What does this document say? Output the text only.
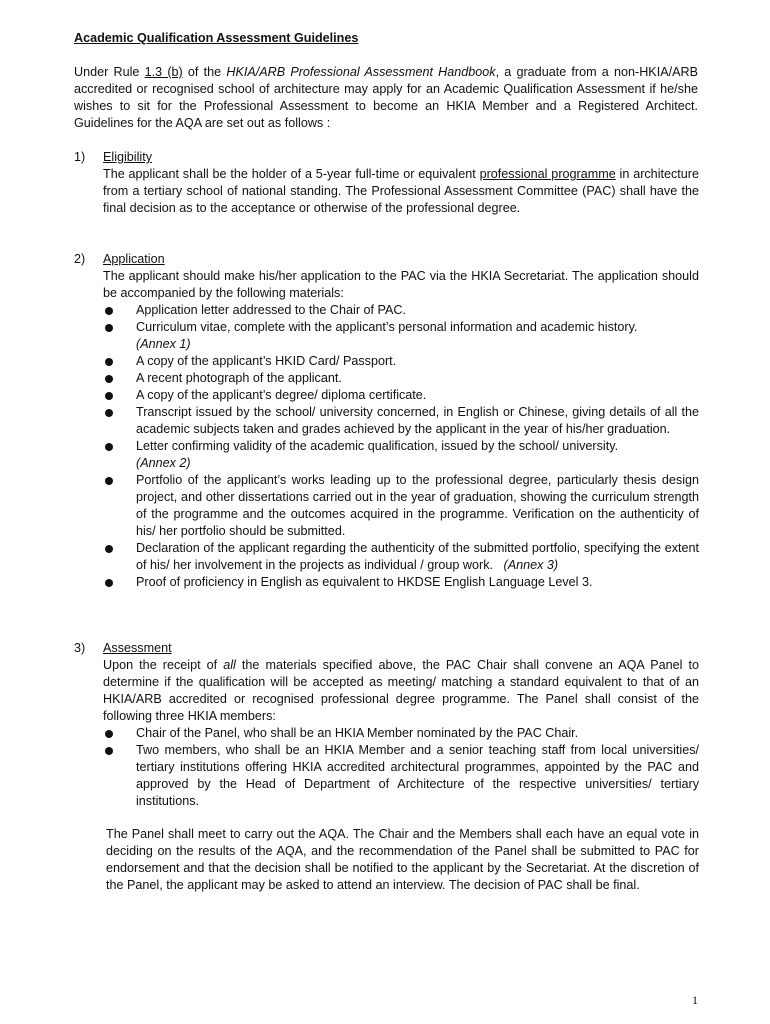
Academic Qualification Assessment Guidelines
Under Rule 1.3 (b) of the HKIA/ARB Professional Assessment Handbook, a graduate from a non-HKIA/ARB accredited or recognised school of architecture may apply for an Academic Qualification Assessment if he/she wishes to sit for the Professional Assessment to become an HKIA Member and a Registered Architect. Guidelines for the AQA are set out as follows :
1) Eligibility
The applicant shall be the holder of a 5-year full-time or equivalent professional programme in architecture from a tertiary school of national standing. The Professional Assessment Committee (PAC) shall have the final decision as to the acceptance or otherwise of the professional degree.
2) Application
The applicant should make his/her application to the PAC via the HKIA Secretariat. The application should be accompanied by the following materials:
Application letter addressed to the Chair of PAC.
Curriculum vitae, complete with the applicant’s personal information and academic history.
(Annex 1)
A copy of the applicant’s HKID Card/ Passport.
A recent photograph of the applicant.
A copy of the applicant’s degree/ diploma certificate.
Transcript issued by the school/ university concerned, in English or Chinese, giving details of all the academic subjects taken and grades achieved by the applicant in the year of his/her graduation.
Letter confirming validity of the academic qualification, issued by the school/ university.
(Annex 2)
Portfolio of the applicant’s works leading up to the professional degree, particularly thesis design project, and other dissertations carried out in the year of graduation, showing the curriculum strength of the programme and the outcomes acquired in the programme. Verification on the authenticity of his/ her portfolio should be submitted.
Declaration of the applicant regarding the authenticity of the submitted portfolio, specifying the extent of his/ her involvement in the projects as individual / group work. (Annex 3)
Proof of proficiency in English as equivalent to HKDSE English Language Level 3.
3) Assessment
Upon the receipt of all the materials specified above, the PAC Chair shall convene an AQA Panel to determine if the qualification will be accepted as meeting/ matching a standard equivalent to that of an HKIA/ARB accredited or recognised professional degree programme. The Panel shall consist of the following three HKIA members:
Chair of the Panel, who shall be an HKIA Member nominated by the PAC Chair.
Two members, who shall be an HKIA Member and a senior teaching staff from local universities/ tertiary institutions offering HKIA accredited architectural programmes, appointed by the PAC and approved by the Head of Department of Architecture of the respective universities/ tertiary institutions.
The Panel shall meet to carry out the AQA. The Chair and the Members shall each have an equal vote in deciding on the results of the AQA, and the recommendation of the Panel shall be submitted to PAC for endorsement and that the decision shall be notified to the applicant by the Secretariat. At the discretion of the Panel, the applicant may be asked to attend an interview. The decision of PAC shall be final.
1
